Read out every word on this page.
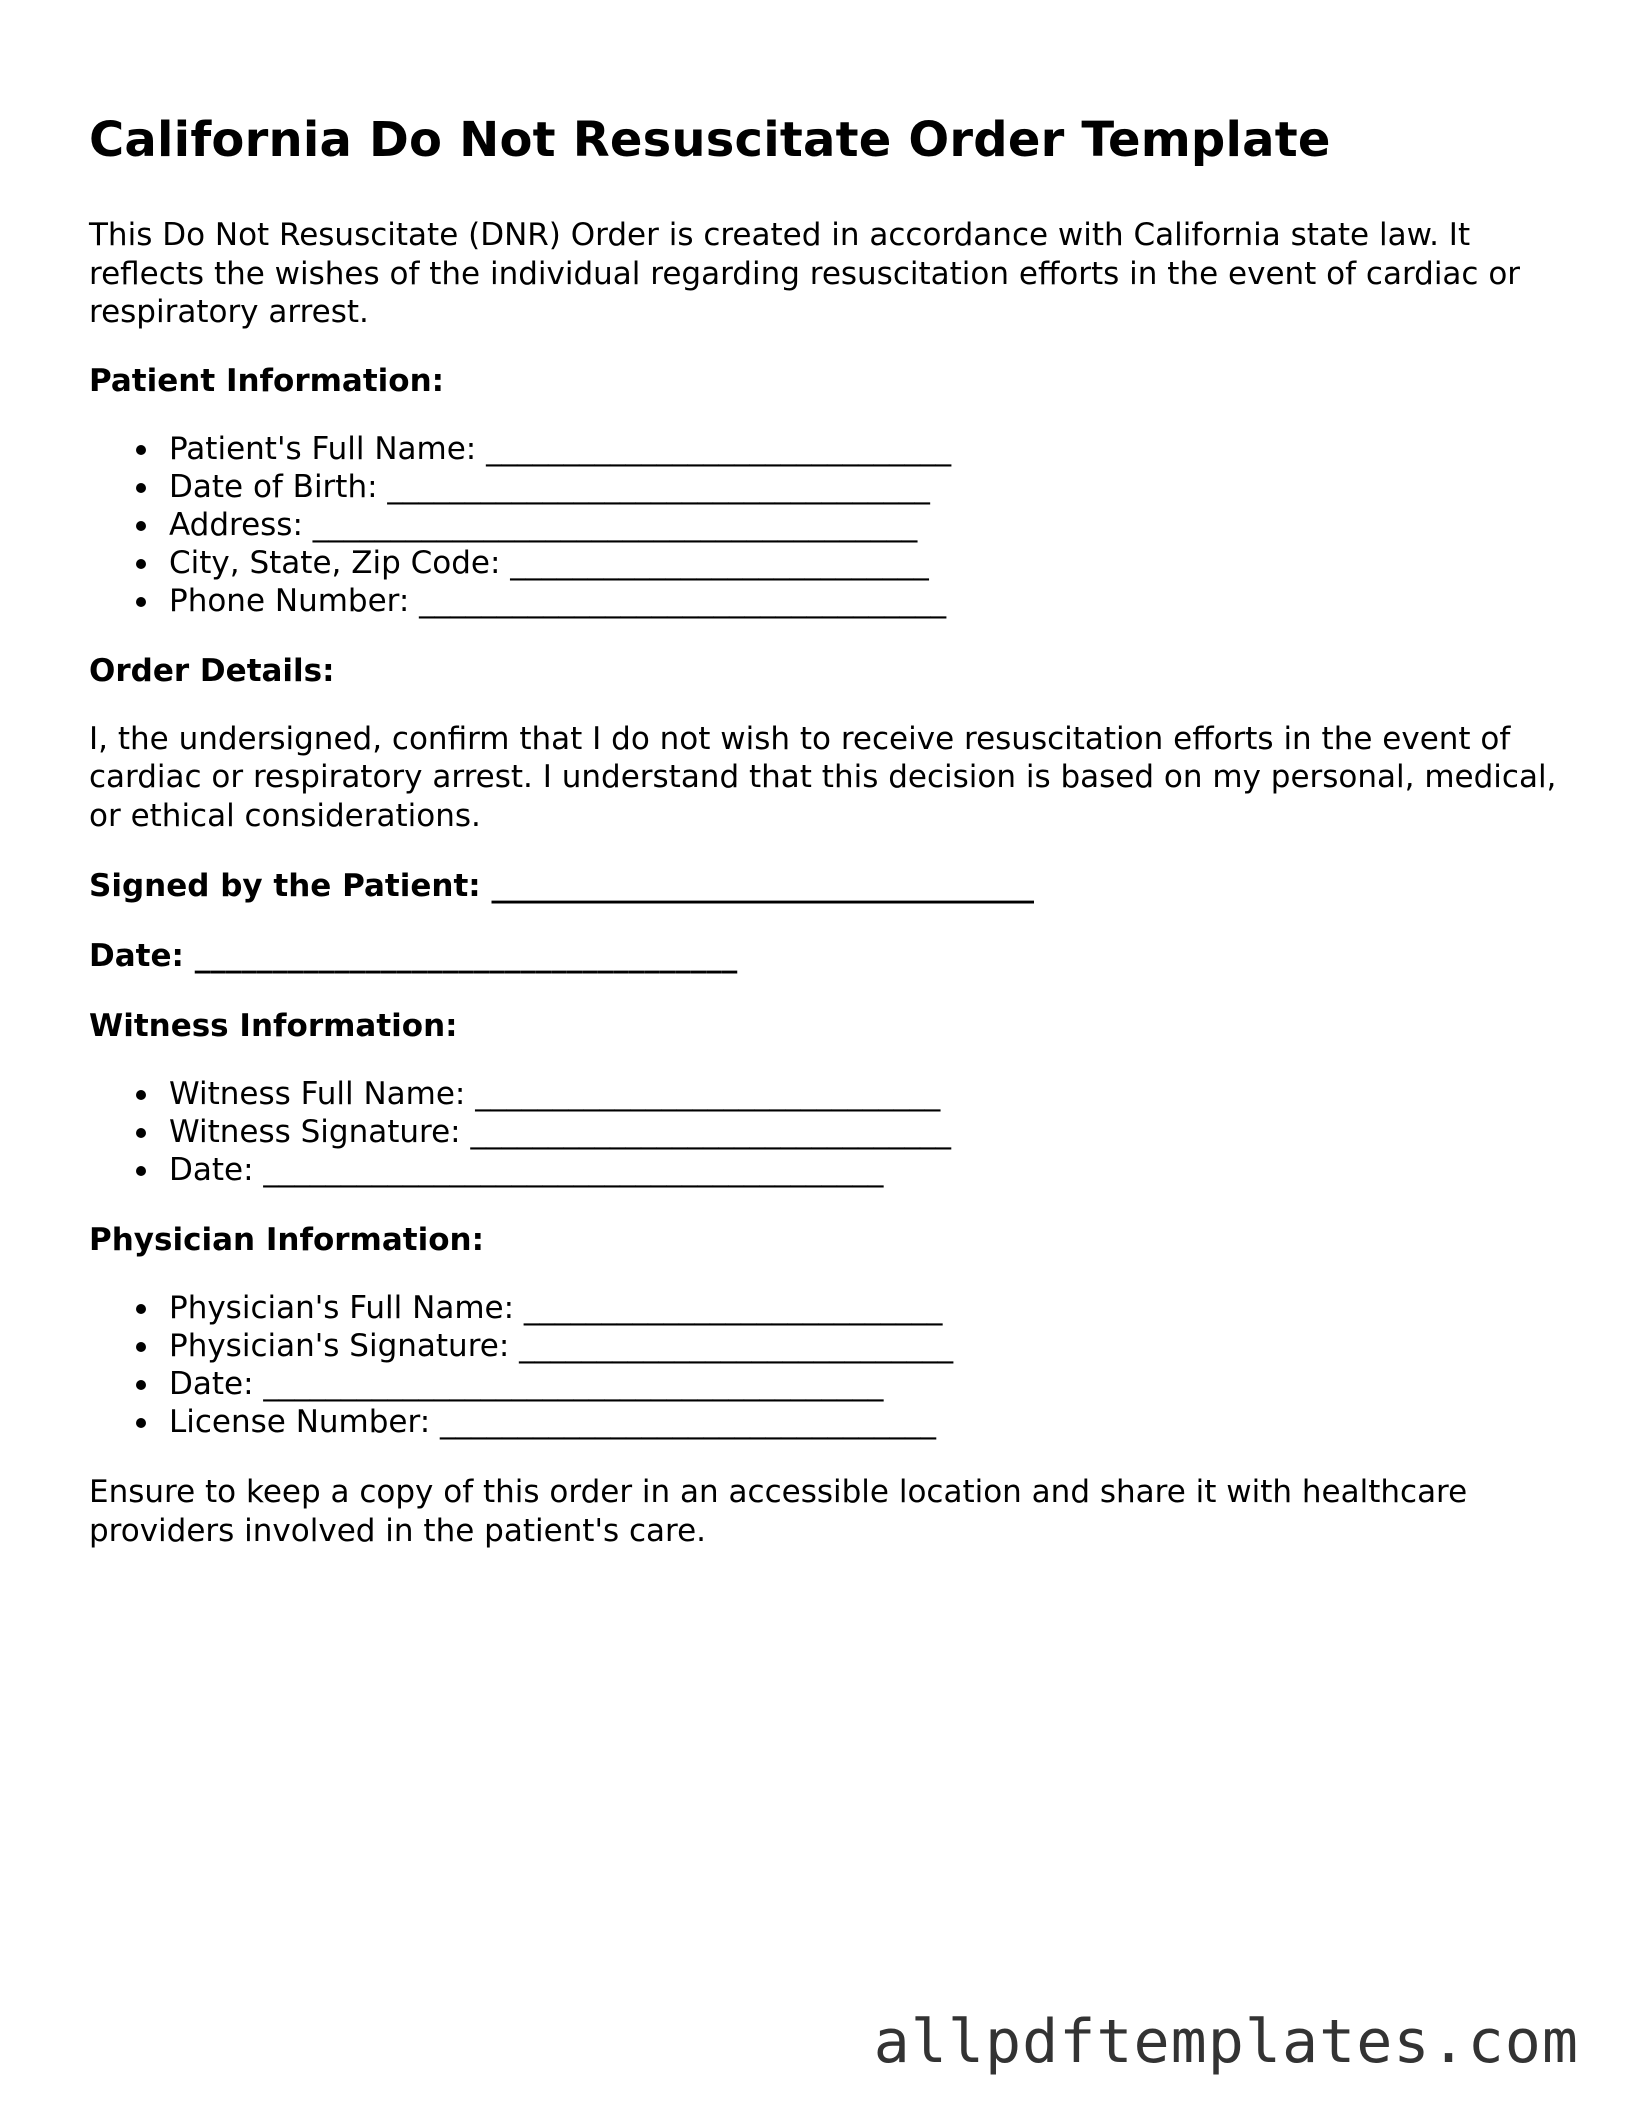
California Do Not Resuscitate Order Template

This Do Not Resuscitate (DNR) Order is created in accordance with California state law. It reflects the wishes of the individual regarding resuscitation efforts in the event of cardiac or respiratory arrest.

Patient Information:

Patient's Full Name: ______________________________
Date of Birth: ___________________________________
Address: _______________________________________
City, State, Zip Code: ___________________________
Phone Number: __________________________________

Order Details:

I, the undersigned, confirm that I do not wish to receive resuscitation efforts in the event of cardiac or respiratory arrest. I understand that this decision is based on my personal, medical, or ethical considerations.

Signed by the Patient: ___________________________________

Date: ___________________________________

Witness Information:

Witness Full Name: ______________________________
Witness Signature: _______________________________
Date: ________________________________________

Physician Information:

Physician's Full Name: ___________________________
Physician's Signature: ____________________________
Date: ________________________________________
License Number: ________________________________

Ensure to keep a copy of this order in an accessible location and share it with healthcare providers involved in the patient's care.

allpdftemplates.com
